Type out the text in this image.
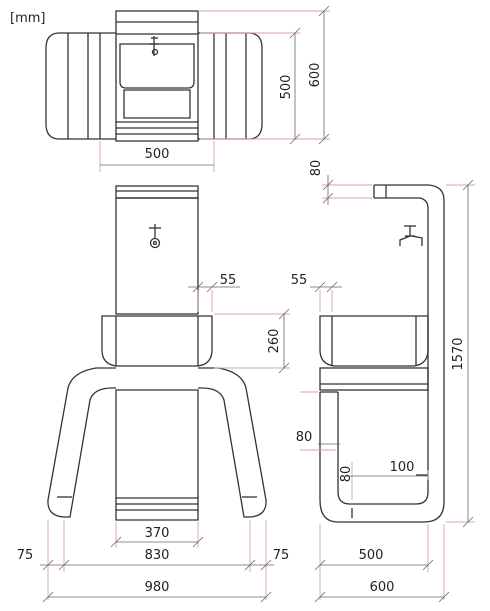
[mm]
500 600
500
55
260
370
830
75	75
980
80
55
1570
80
80	100
500
600
